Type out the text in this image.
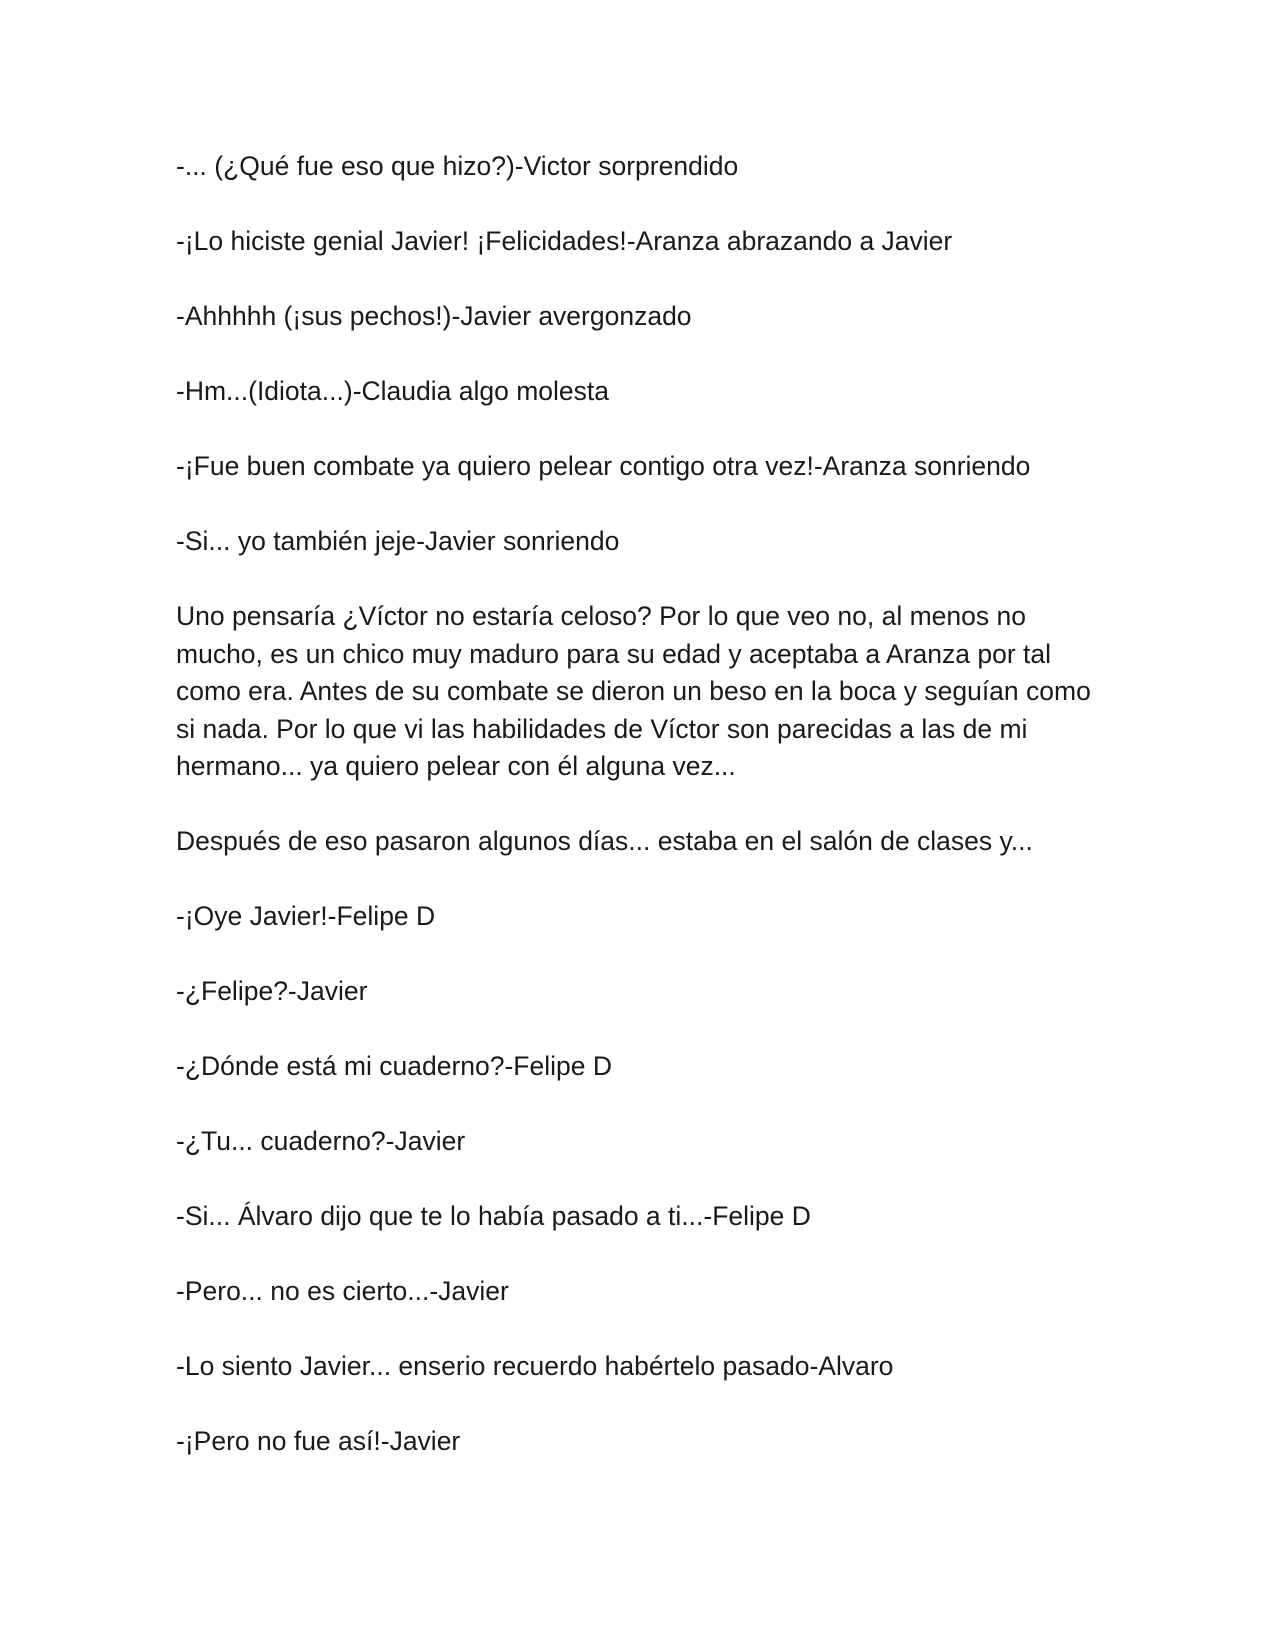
-... (¿Qué fue eso que hizo?)-Victor sorprendido

-¡Lo hiciste genial Javier! ¡Felicidades!-Aranza abrazando a Javier

-Ahhhhh (¡sus pechos!)-Javier avergonzado

-Hm...(Idiota...)-Claudia algo molesta

-¡Fue buen combate ya quiero pelear contigo otra vez!-Aranza sonriendo

-Si... yo también jeje-Javier sonriendo

Uno pensaría ¿Víctor no estaría celoso? Por lo que veo no, al menos no mucho, es un chico muy maduro para su edad y aceptaba a Aranza por tal como era. Antes de su combate se dieron un beso en la boca y seguían como si nada. Por lo que vi las habilidades de Víctor son parecidas a las de mi hermano... ya quiero pelear con él alguna vez...

Después de eso pasaron algunos días... estaba en el salón de clases y...

-¡Oye Javier!-Felipe D

-¿Felipe?-Javier

-¿Dónde está mi cuaderno?-Felipe D

-¿Tu... cuaderno?-Javier

-Si... Álvaro dijo que te lo había pasado a ti...-Felipe D

-Pero... no es cierto...-Javier

-Lo siento Javier... enserio recuerdo habértelo pasado-Alvaro

-¡Pero no fue así!-Javier
